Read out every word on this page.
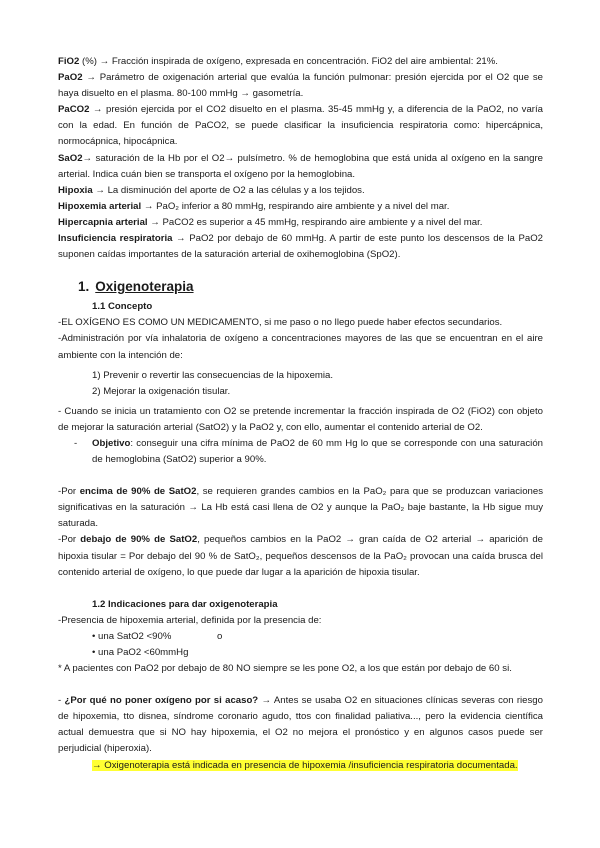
FiO2 (%) → Fracción inspirada de oxígeno, expresada en concentración. FiO2 del aire ambiental: 21%.

PaO2 → Parámetro de oxigenación arterial que evalúa la función pulmonar: presión ejercida por el O2 que se haya disuelto en el plasma. 80-100 mmHg → gasometría.

PaCO2 → presión ejercida por el CO2 disuelto en el plasma. 35-45 mmHg y, a diferencia de la PaO2, no varía con la edad. En función de PaCO2, se puede clasificar la insuficiencia respiratoria como: hipercápnica, normocápnica, hipocápnica.

SaO2→ saturación de la Hb por el O2→ pulsímetro. % de hemoglobina que está unida al oxígeno en la sangre arterial. Indica cuán bien se transporta el oxígeno por la hemoglobina.

Hipoxia → La disminución del aporte de O2 a las células y a los tejidos.

Hipoxemia arterial → PaO₂ inferior a 80 mmHg, respirando aire ambiente y a nivel del mar.

Hipercapnia arterial → PaCO2 es superior a 45 mmHg, respirando aire ambiente y a nivel del mar.

Insuficiencia respiratoria → PaO2 por debajo de 60 mmHg. A partir de este punto los descensos de la PaO2 suponen caídas importantes de la saturación arterial de oxihemoglobina (SpO2).

1. Oxigenoterapia

1.1 Concepto

-EL OXÍGENO ES COMO UN MEDICAMENTO, si me paso o no llego puede haber efectos secundarios.

-Administración por vía inhalatoria de oxígeno a concentraciones mayores de las que se encuentran en el aire ambiente con la intención de:

1) Prevenir o revertir las consecuencias de la hipoxemia.

2) Mejorar la oxigenación tisular.

- Cuando se inicia un tratamiento con O2 se pretende incrementar la fracción inspirada de O2 (FiO2) con objeto de mejorar la saturación arterial (SatO2) y la PaO2 y, con ello, aumentar el contenido arterial de O2.

-	Objetivo: conseguir una cifra mínima de PaO2 de 60 mm Hg lo que se corresponde con una saturación de hemoglobina (SatO2) superior a 90%.

-Por encima de 90% de SatO2, se requieren grandes cambios en la PaO₂ para que se produzcan variaciones significativas en la saturación → La Hb está casi llena de O2 y aunque la PaO₂ baje bastante, la Hb sigue muy saturada.

-Por debajo de 90% de SatO2, pequeños cambios en la PaO2 → gran caída de O2 arterial → aparición de hipoxia tisular = Por debajo del 90 % de SatO₂, pequeños descensos de la PaO₂ provocan una caída brusca del contenido arterial de oxígeno, lo que puede dar lugar a la aparición de hipoxia tisular.

1.2 Indicaciones para dar oxigenoterapia

-Presencia de hipoxemia arterial, definida por la presencia de:

• una SatO2 <90%	o

• una PaO2 <60mmHg

* A pacientes con PaO2 por debajo de 80 NO siempre se les pone O2, a los que están por debajo de 60 si.

- ¿Por qué no poner oxígeno por si acaso? → Antes se usaba O2 en situaciones clínicas severas con riesgo de hipoxemia, tto disnea, síndrome coronario agudo, ttos con finalidad paliativa..., pero la evidencia científica actual demuestra que si NO hay hipoxemia, el O2 no mejora el pronóstico y en algunos casos puede ser perjudicial (hiperoxia).

→ Oxigenoterapia está indicada en presencia de hipoxemia /insuficiencia respiratoria documentada.
